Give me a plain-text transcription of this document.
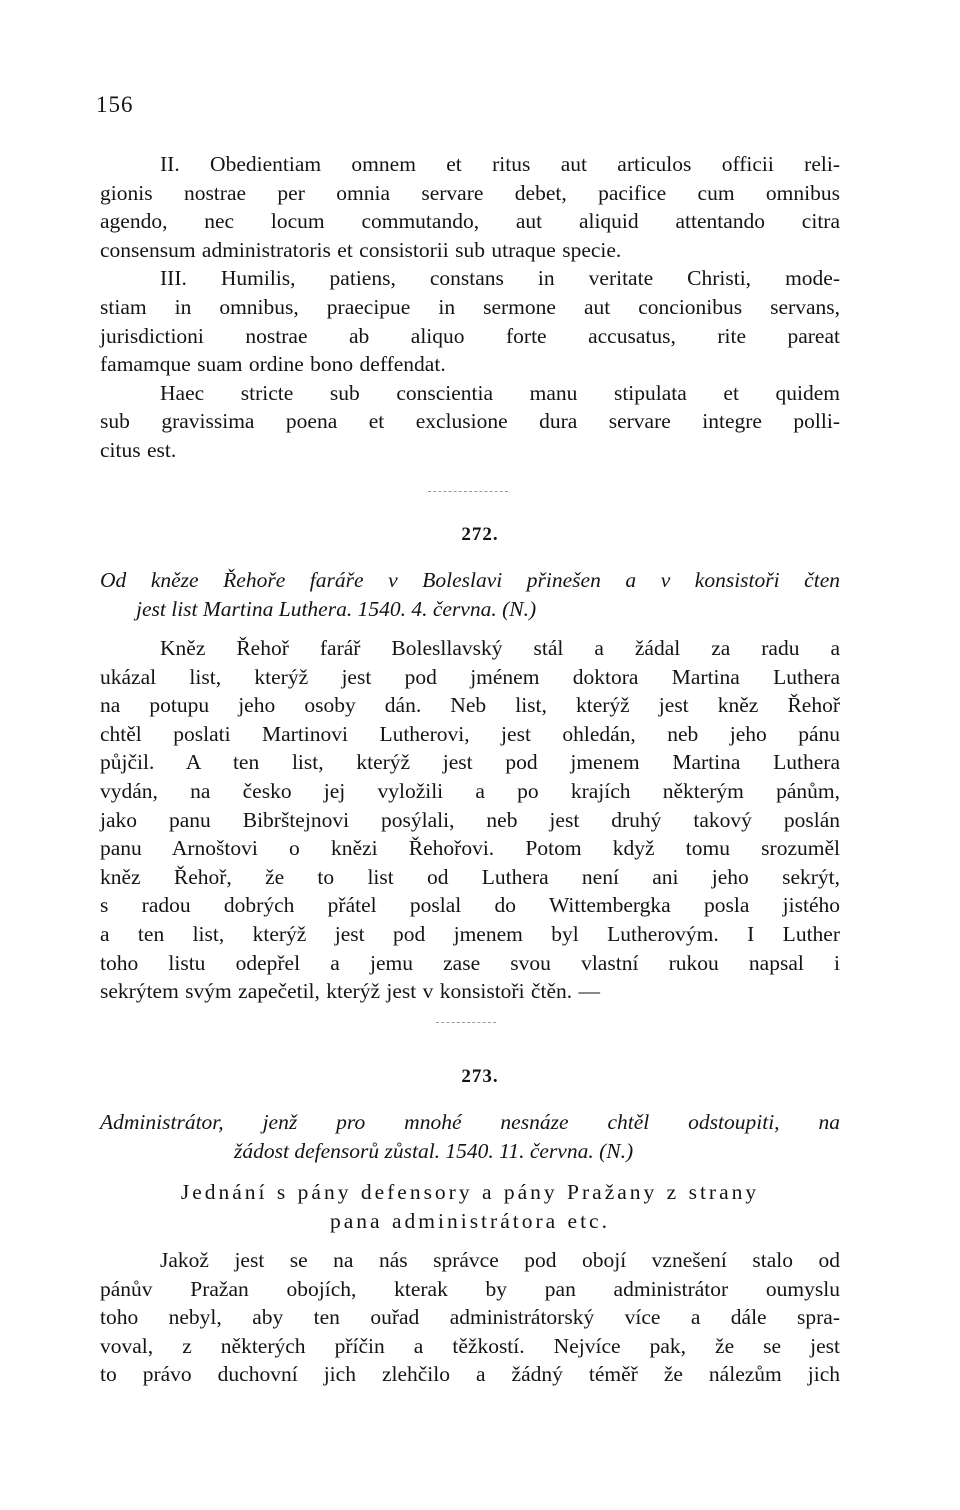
156
II. Obedientiam omnem et ritus aut articulos officii reli-
gionis nostrae per omnia servare debet, pacifice cum omnibus
agendo, nec locum commutando, aut aliquid attentando citra
consensum administratoris et consistorii sub utraque specie.
III. Humilis, patiens, constans in veritate Christi, mode-
stiam in omnibus, praecipue in sermone aut concionibus servans,
jurisdictioni nostrae ab aliquo forte accusatus, rite pareat
famamque suam ordine bono deffendat.
Haec stricte sub conscientia manu stipulata et quidem
sub gravissima poena et exclusione dura servare integre polli-
citus est.
272.
Od kněze Řehoře faráře v Boleslavi přinešen a v konsistoři čten
jest list Martina Luthera. 1540. 4. června. (N.)
Kněz Řehoř farář Bolesllavský stál a žádal za radu a
ukázal list, kterýž jest pod jménem doktora Martina Luthera
na potupu jeho osoby dán. Neb list, kterýž jest kněz Řehoř
chtěl poslati Martinovi Lutherovi, jest ohledán, neb jeho pánu
půjčil. A ten list, kterýž jest pod jmenem Martina Luthera
vydán, na česko jej vyložili a po krajích některým pánům,
jako panu Bibrštejnovi posýlali, neb jest druhý takový poslán
panu Arnoštovi o knězi Řehořovi. Potom když tomu srozuměl
kněz Řehoř, že to list od Luthera není ani jeho sekrýt,
s radou dobrých přátel poslal do Wittembergka posla jistého
a ten list, kterýž jest pod jmenem byl Lutherovým. I Luther
toho listu odepřel a jemu zase svou vlastní rukou napsal i
sekrýtem svým zapečetil, kterýž jest v konsistoři čtěn. —
273.
Administrátor, jenž pro mnohé nesnáze chtěl odstoupiti, na
žádost defensorů zůstal. 1540. 11. června. (N.)
Jednání s pány defensory a pány Pražany z strany
pana administrátora etc.
Jakož jest se na nás správce pod obojí vznešení stalo od
pánův Pražan obojích, kterak by pan administrátor oumyslu
toho nebyl, aby ten ouřad administrátorský více a dále spra-
voval, z některých příčin a těžkostí. Nejvíce pak, že se jest
to právo duchovní jich zlehčilo a žádný téměř že nálezům jich
